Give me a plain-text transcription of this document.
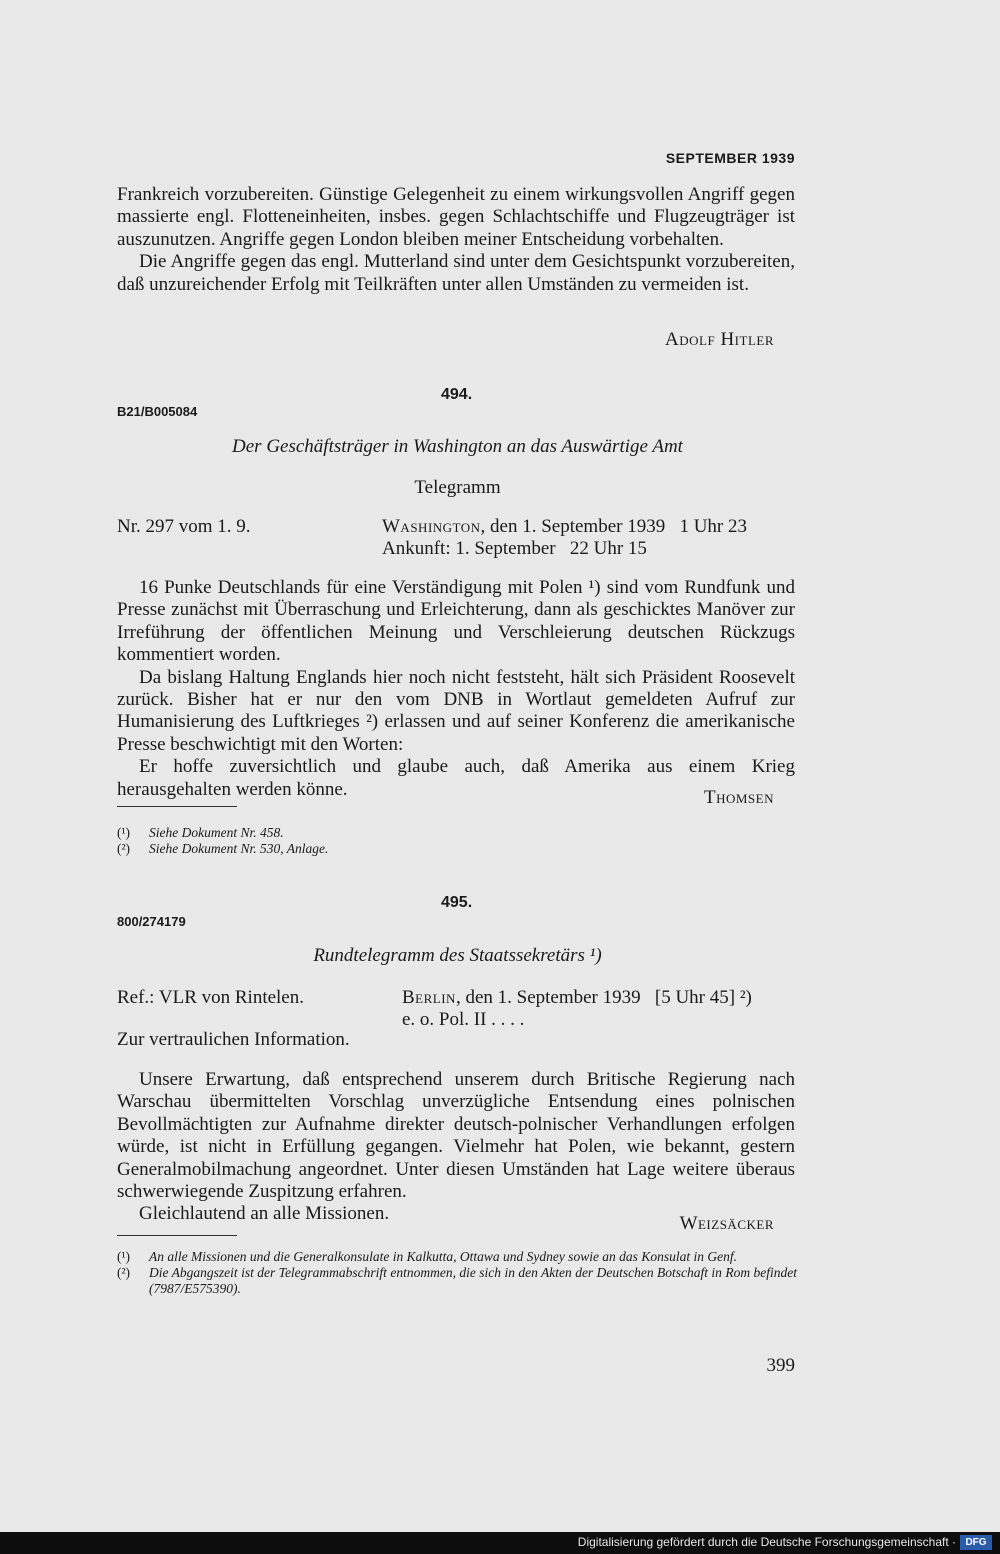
SEPTEMBER 1939

Frankreich vorzubereiten. Günstige Gelegenheit zu einem wirkungsvollen Angriff gegen massierte engl. Flotteneinheiten, insbes. gegen Schlachtschiffe und Flugzeugträger ist auszunutzen. Angriffe gegen London bleiben meiner Entscheidung vorbehalten.

Die Angriffe gegen das engl. Mutterland sind unter dem Gesichtspunkt vorzubereiten, daß unzureichender Erfolg mit Teilkräften unter allen Umständen zu vermeiden ist.

Adolf Hitler
494.
B21/B005084
Der Geschäftsträger in Washington an das Auswärtige Amt
Telegramm
Nr. 297 vom 1. 9.	Washington, den 1. September 1939   1 Uhr 23
Ankunft: 1. September   22 Uhr 15

16 Punke Deutschlands für eine Verständigung mit Polen ¹) sind vom Rundfunk und Presse zunächst mit Überraschung und Erleichterung, dann als geschicktes Manöver zur Irreführung der öffentlichen Meinung und Verschleierung deutschen Rückzugs kommentiert worden.

Da bislang Haltung Englands hier noch nicht feststeht, hält sich Präsident Roosevelt zurück. Bisher hat er nur den vom DNB in Wortlaut gemeldeten Aufruf zur Humanisierung des Luftkrieges ²) erlassen und auf seiner Konferenz die amerikanische Presse beschwichtigt mit den Worten:

Er hoffe zuversichtlich und glaube auch, daß Amerika aus einem Krieg herausgehalten werden könne.	Thomsen
(¹)	Siehe Dokument Nr. 458.
(²)	Siehe Dokument Nr. 530, Anlage.
495.
800/274179
Rundtelegramm des Staatssekretärs ¹)
Ref.: VLR von Rintelen.	Berlin, den 1. September 1939   [5 Uhr 45] ²)
e. o. Pol. II . . . .
Zur vertraulichen Information.

Unsere Erwartung, daß entsprechend unserem durch Britische Regierung nach Warschau übermittelten Vorschlag unverzügliche Entsendung eines polnischen Bevollmächtigten zur Aufnahme direkter deutsch-polnischer Verhandlungen erfolgen würde, ist nicht in Erfüllung gegangen. Vielmehr hat Polen, wie bekannt, gestern Generalmobilmachung angeordnet. Unter diesen Umständen hat Lage weitere überaus schwerwiegende Zuspitzung erfahren.

Gleichlautend an alle Missionen.	Weizsäcker
(¹)	An alle Missionen und die Generalkonsulate in Kalkutta, Ottawa und Sydney sowie an das Konsulat in Genf.
(²)	Die Abgangszeit ist der Telegrammabschrift entnommen, die sich in den Akten der Deutschen Botschaft in Rom befindet (7987/E575390).
399
Digitalisierung gefördert durch die Deutsche Forschungsgemeinschaft · DFG
